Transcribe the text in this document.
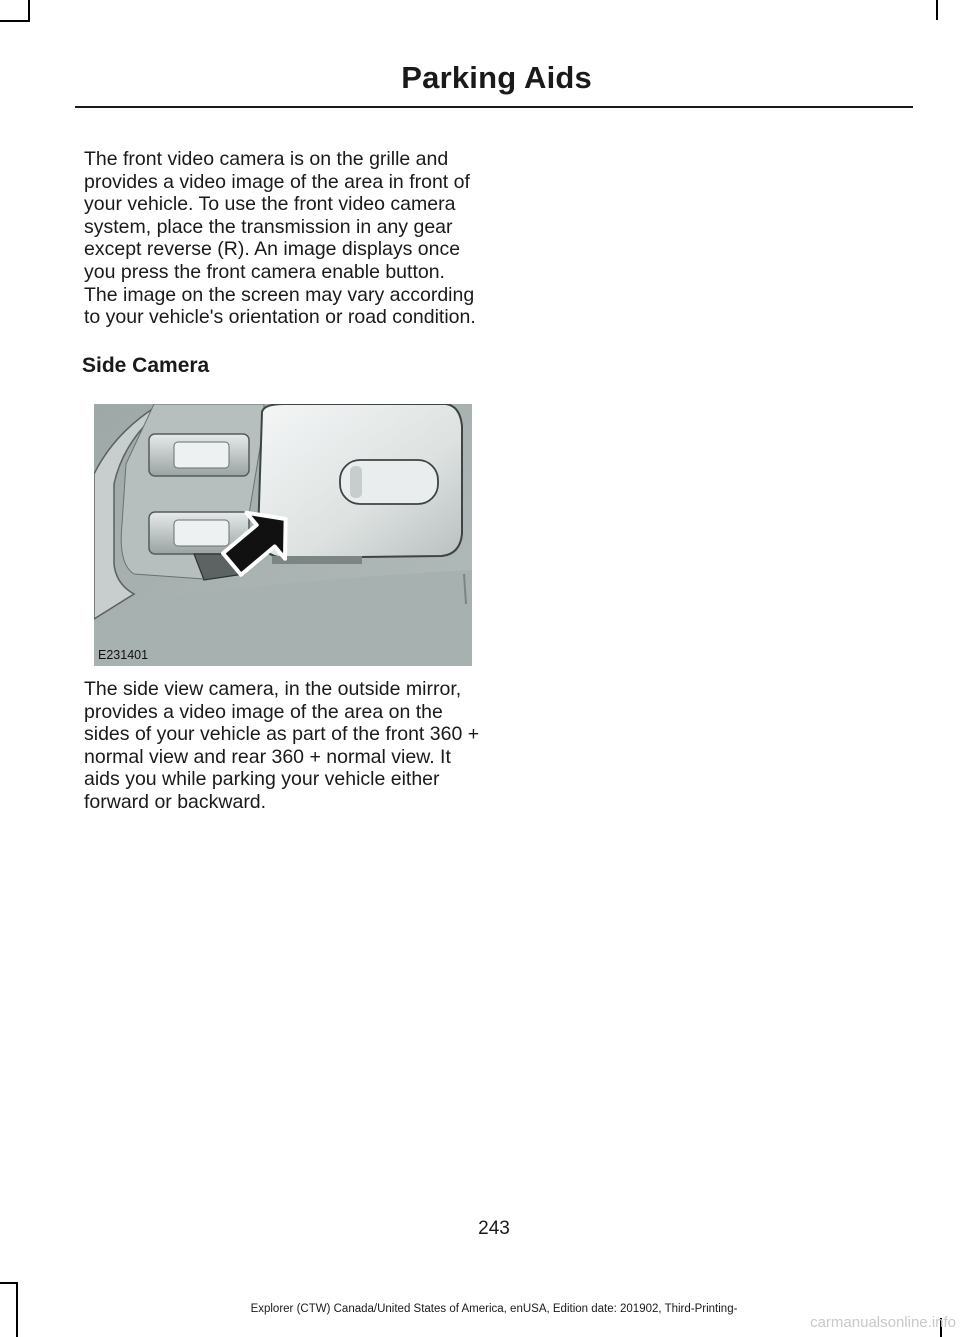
Parking Aids

The front video camera is on the grille and provides a video image of the area in front of your vehicle. To use the front video camera system, place the transmission in any gear except reverse (R). An image displays once you press the front camera enable button. The image on the screen may vary according to your vehicle's orientation or road condition.

Side Camera
E231401

The side view camera, in the outside mirror, provides a video image of the area on the sides of your vehicle as part of the front 360 + normal view and rear 360 + normal view. It aids you while parking your vehicle either forward or backward.

243
Explorer (CTW) Canada/United States of America, enUSA, Edition date: 201902, Third-Printing-
carmanualsonline.info
